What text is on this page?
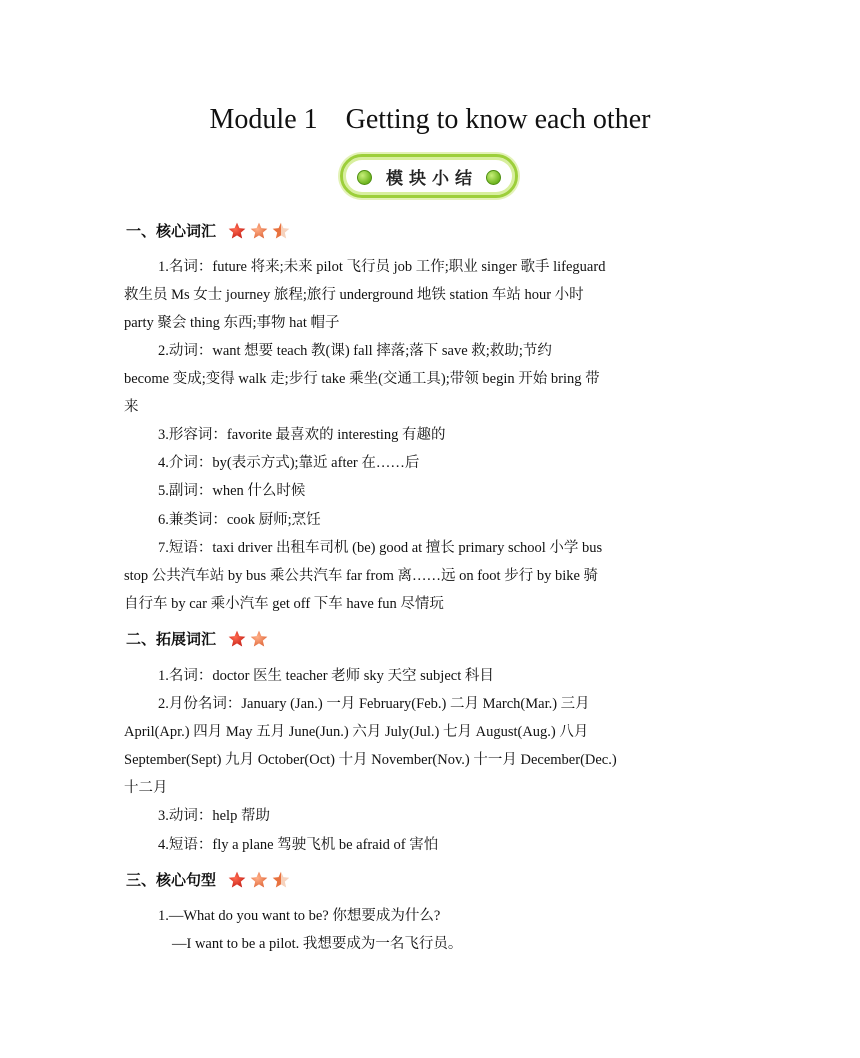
Module 1 Getting to know each other
模块小结
一、核心词汇
1.名词：future 将来;未来 pilot 飞行员 job 工作;职业 singer 歌手 lifeguard
救生员 Ms 女士 journey 旅程;旅行 underground 地铁 station 车站 hour 小时
party 聚会 thing 东西;事物 hat 帽子
2.动词：want 想要 teach 教(课) fall 摔落;落下 save 救;救助;节约
become 变成;变得 walk 走;步行 take 乘坐(交通工具);带领 begin 开始 bring 带
来
3.形容词：favorite 最喜欢的 interesting 有趣的
4.介词：by(表示方式);靠近 after 在……后
5.副词：when 什么时候
6.兼类词：cook 厨师;烹饪
7.短语：taxi driver 出租车司机 (be) good at 擅长 primary school 小学 bus
stop 公共汽车站 by bus 乘公共汽车 far from 离……远 on foot 步行 by bike 骑
自行车 by car 乘小汽车 get off 下车 have fun 尽情玩
二、拓展词汇
1.名词：doctor 医生 teacher 老师 sky 天空 subject 科目
2.月份名词：January (Jan.) 一月 February(Feb.) 二月 March(Mar.) 三月
April(Apr.) 四月 May 五月 June(Jun.) 六月 July(Jul.) 七月 August(Aug.) 八月
September(Sept) 九月 October(Oct) 十月 November(Nov.) 十一月 December(Dec.)
十二月
3.动词：help 帮助
4.短语：fly a plane 驾驶飞机 be afraid of 害怕
三、核心句型
1.—What do you want to be? 你想要成为什么?
—I want to be a pilot. 我想要成为一名飞行员。
